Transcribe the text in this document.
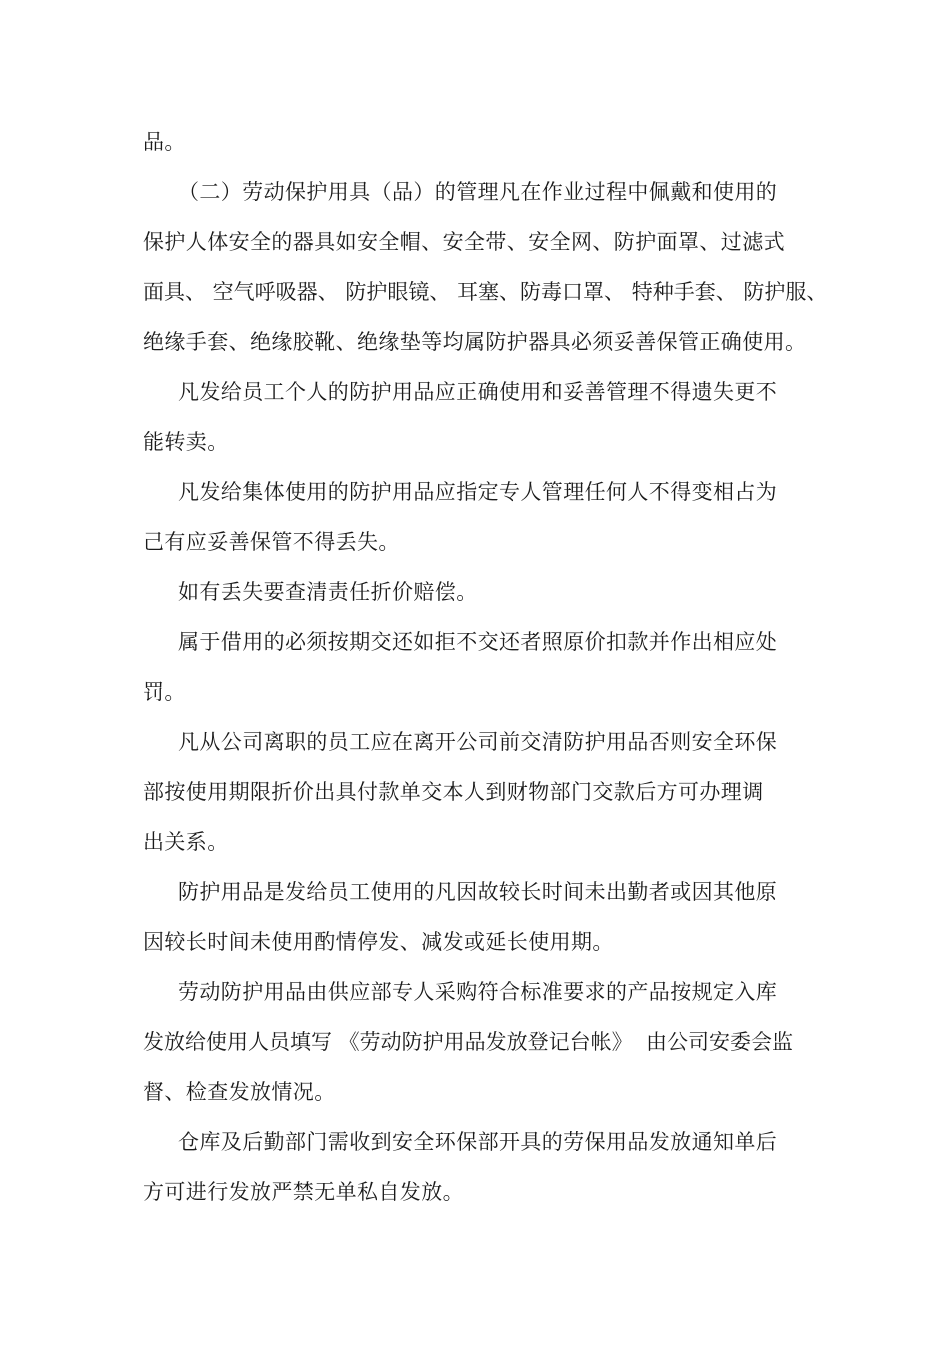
品。
（二）劳动保护用具（品）的管理凡在作业过程中佩戴和使用的
保护人体安全的器具如安全帽、安全带、安全网、防护面罩、过滤式
面具、 空气呼吸器、 防护眼镜、 耳塞、防毒口罩、 特种手套、 防护服、
绝缘手套、绝缘胶靴、绝缘垫等均属防护器具必须妥善保管正确使用。
凡发给员工个人的防护用品应正确使用和妥善管理不得遗失更不
能转卖。
凡发给集体使用的防护用品应指定专人管理任何人不得变相占为
己有应妥善保管不得丢失。
如有丢失要查清责任折价赔偿。
属于借用的必须按期交还如拒不交还者照原价扣款并作出相应处
罚。
凡从公司离职的员工应在离开公司前交清防护用品否则安全环保
部按使用期限折价出具付款单交本人到财物部门交款后方可办理调
出关系。
防护用品是发给员工使用的凡因故较长时间未出勤者或因其他原
因较长时间未使用酌情停发、减发或延长使用期。
劳动防护用品由供应部专人采购符合标准要求的产品按规定入库
发放给使用人员填写 《劳动防护用品发放登记台帐》  由公司安委会监
督、检查发放情况。
仓库及后勤部门需收到安全环保部开具的劳保用品发放通知单后
方可进行发放严禁无单私自发放。
